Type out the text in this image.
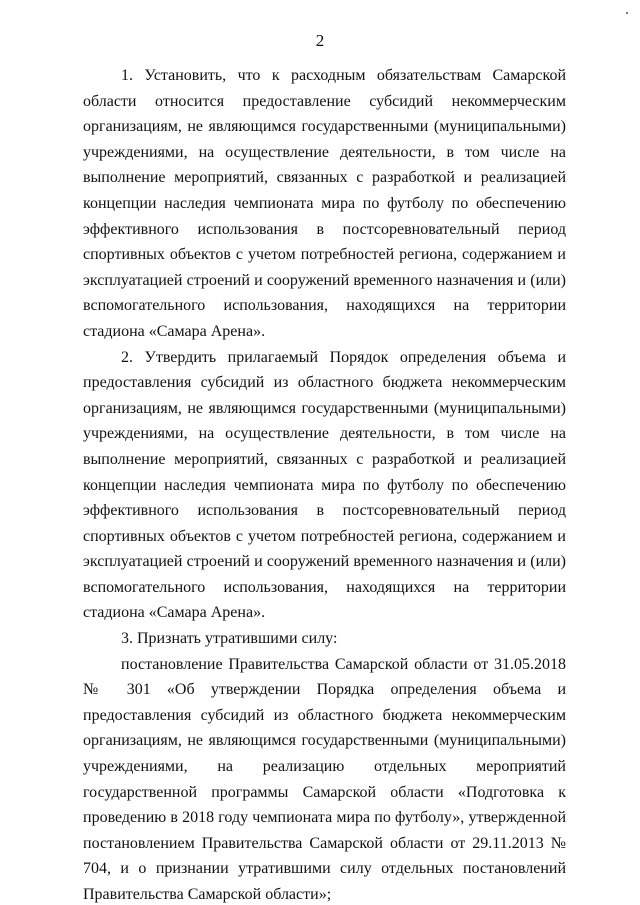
2

1. Установить, что к расходным обязательствам Самарской области относится предоставление субсидий некоммерческим организациям, не являющимся государственными (муниципальными) учреждениями, на осуществление деятельности, в том числе на выполнение мероприятий, связанных с разработкой и реализацией концепции наследия чемпионата мира по футболу по обеспечению эффективного использования в постсоревновательный период спортивных объектов с учетом потребностей региона, содержанием и эксплуатацией строений и сооружений временного назначения и (или) вспомогательного использования, находящихся на территории стадиона «Самара Арена».

2. Утвердить прилагаемый Порядок определения объема и предоставления субсидий из областного бюджета некоммерческим организациям, не являющимся государственными (муниципальными) учреждениями, на осуществление деятельности, в том числе на выполнение мероприятий, связанных с разработкой и реализацией концепции наследия чемпионата мира по футболу по обеспечению эффективного использования в постсоревновательный период спортивных объектов с учетом потребностей региона, содержанием и эксплуатацией строений и сооружений временного назначения и (или) вспомогательного использования, находящихся на территории стадиона «Самара Арена».

3. Признать утратившими силу:

постановление Правительства Самарской области от 31.05.2018 № 301 «Об утверждении Порядка определения объема и предоставления субсидий из областного бюджета некоммерческим организациям, не являющимся государственными (муниципальными) учреждениями, на реализацию отдельных мероприятий государственной программы Самарской области «Подготовка к проведению в 2018 году чемпионата мира по футболу», утвержденной постановлением Правительства Самарской области от 29.11.2013 № 704, и о признании утратившими силу отдельных постановлений Правительства Самарской области»;
